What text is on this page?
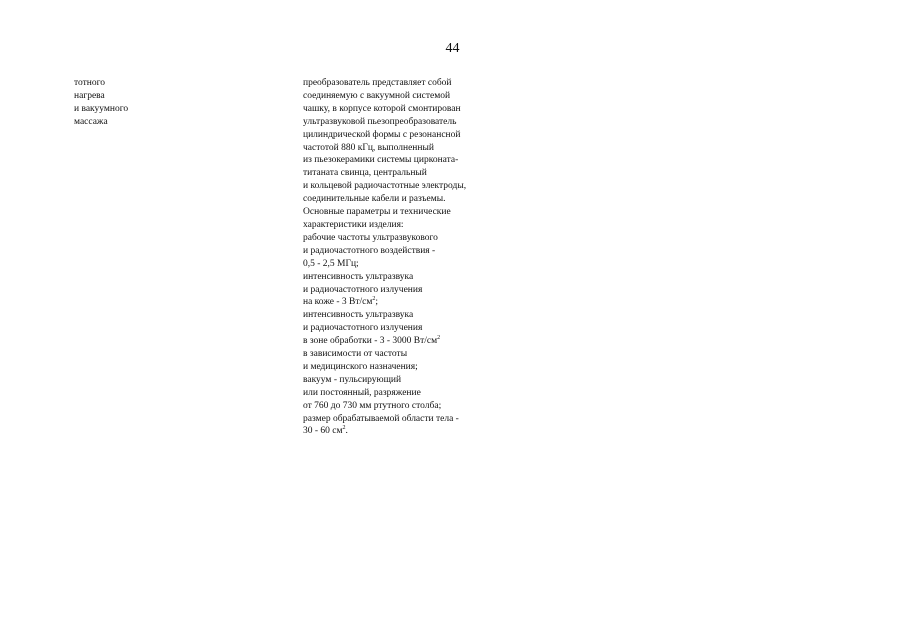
44
тотного
нагрева
и вакуумного
массажа
преобразователь представляет собой
соединяемую с вакуумной системой
чашку, в корпусе которой смонтирован
ультразвуковой пьезопреобразователь
цилиндрической формы с резонансной
частотой 880 кГц, выполненный
из пьезокерамики системы цирконата-
титаната свинца, центральный
и кольцевой радиочастотные электроды,
соединительные кабели и разъемы.
Основные параметры и технические
характеристики изделия:
рабочие частоты ультразвукового
и радиочастотного воздействия -
0,5 - 2,5 МГц;
интенсивность ультразвука
и радиочастотного излучения
на коже - 3 $Вт/см^2$;
интенсивность ультразвука
и радиочастотного излучения
в зоне обработки - 3 - 3000 $Вт/см^2$
в зависимости от частоты
и медицинского назначения;
вакуум - пульсирующий
или постоянный, разряжение
от 760 до 730 мм ртутного столба;
размер обрабатываемой области тела -
30 - 60 $см^2$.
